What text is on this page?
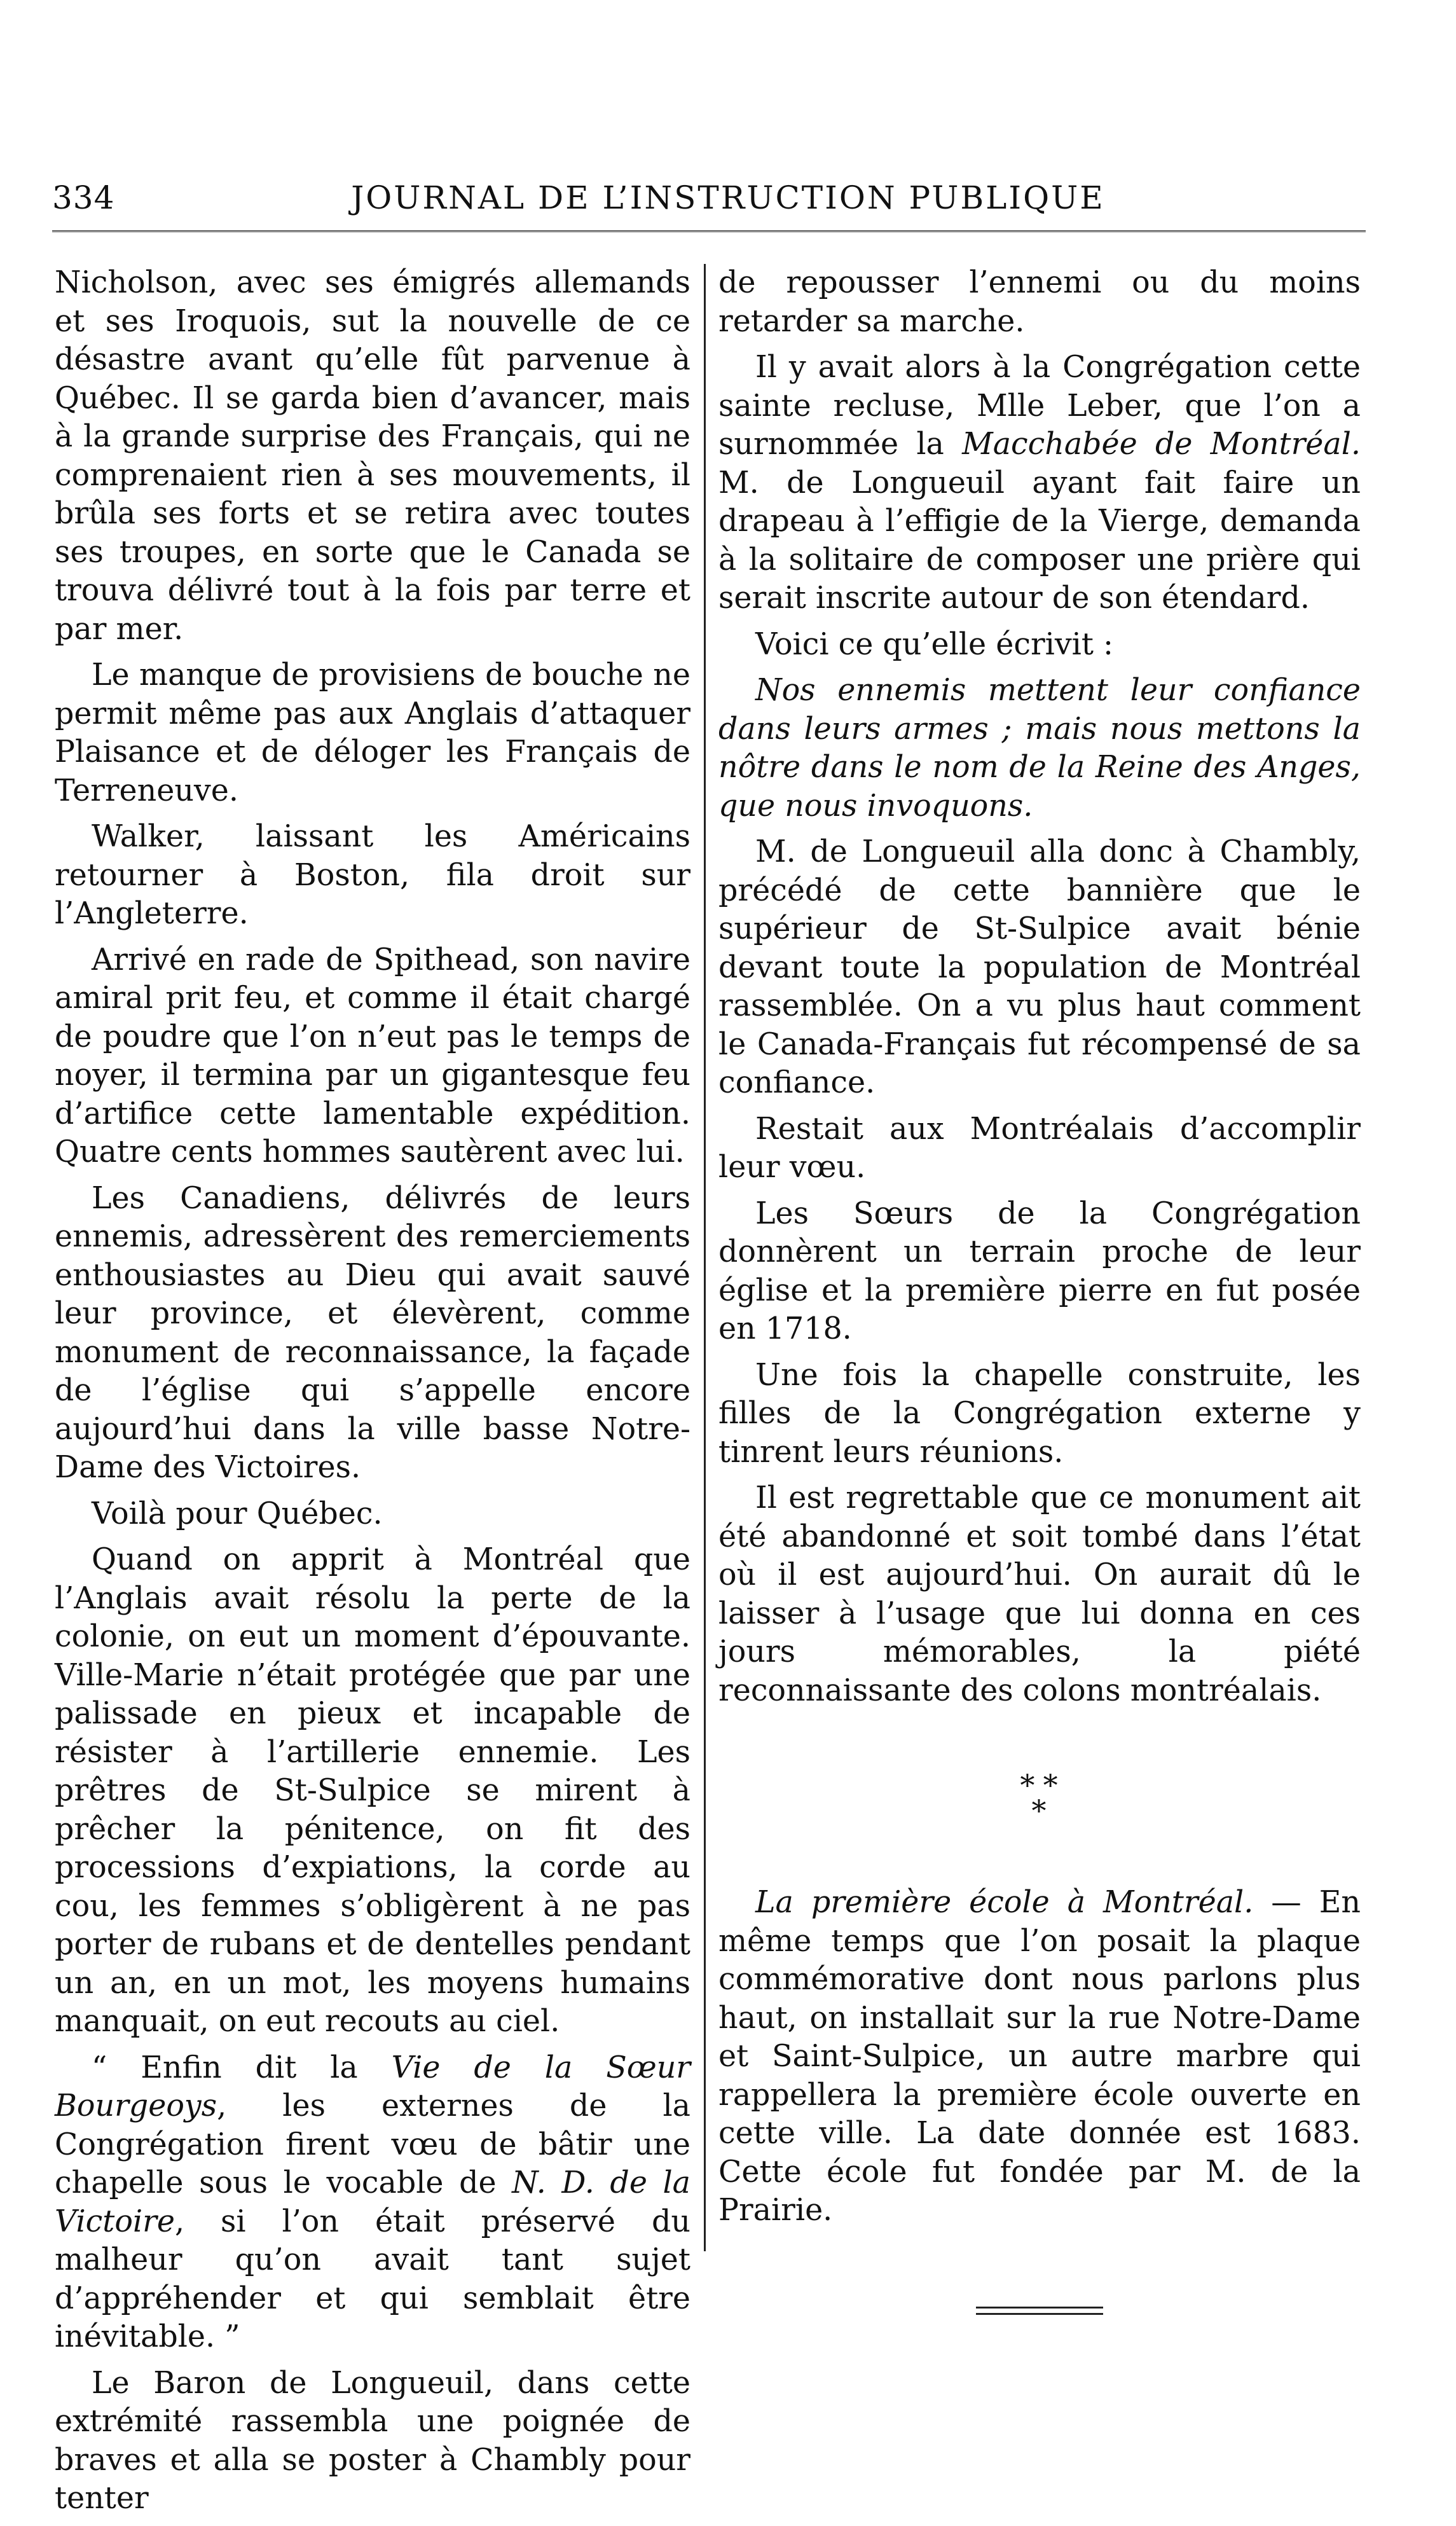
334	JOURNAL DE L’INSTRUCTION PUBLIQUE

Nicholson, avec ses émigrés allemands et ses Iroquois, sut la nouvelle de ce désastre avant qu’elle fût parvenue à Québec. Il se garda bien d’avancer, mais à la grande surprise des Français, qui ne comprenaient rien à ses mouvements, il brûla ses forts et se retira avec toutes ses troupes, en sorte que le Canada se trouva délivré tout à la fois par terre et par mer.

Le manque de provisiens de bouche ne permit même pas aux Anglais d’attaquer Plaisance et de déloger les Français de Terreneuve.

Walker, laissant les Américains retourner à Boston, fila droit sur l’Angleterre.

Arrivé en rade de Spithead, son navire amiral prit feu, et comme il était chargé de poudre que l’on n’eut pas le temps de noyer, il termina par un gigantesque feu d’artifice cette lamentable expédition. Quatre cents hommes sautèrent avec lui.

Les Canadiens, délivrés de leurs ennemis, adressèrent des remerciements enthousiastes au Dieu qui avait sauvé leur province, et élevèrent, comme monument de reconnaissance, la façade de l’église qui s’appelle encore aujourd’hui dans la ville basse Notre-Dame des Victoires.

Voilà pour Québec.

Quand on apprit à Montréal que l’Anglais avait résolu la perte de la colonie, on eut un moment d’épouvante. Ville-Marie n’était protégée que par une palissade en pieux et incapable de résister à l’artillerie ennemie. Les prêtres de St-Sulpice se mirent à prêcher la pénitence, on fit des processions d’expiations, la corde au cou, les femmes s’obligèrent à ne pas porter de rubans et de dentelles pendant un an, en un mot, les moyens humains manquait, on eut recouts au ciel.

“ Enfin dit la Vie de la Sœur Bourgeoys, les externes de la Congrégation firent vœu de bâtir une chapelle sous le vocable de N. D. de la Victoire, si l’on était préservé du malheur qu’on avait tant sujet d’appréhender et qui semblait être inévitable. ”

Le Baron de Longueuil, dans cette extrémité rassembla une poignée de braves et alla se poster à Chambly pour tenter

de repousser l’ennemi ou du moins retarder sa marche.

Il y avait alors à la Congrégation cette sainte recluse, Mlle Leber, que l’on a surnommée la Macchabée de Montréal. M. de Longueuil ayant fait faire un drapeau à l’effigie de la Vierge, demanda à la solitaire de composer une prière qui serait inscrite autour de son étendard.

Voici ce qu’elle écrivit :

Nos ennemis mettent leur confiance dans leurs armes ; mais nous mettons la nôtre dans le nom de la Reine des Anges, que nous invoquons.

M. de Longueuil alla donc à Chambly, précédé de cette bannière que le supérieur de St-Sulpice avait bénie devant toute la population de Montréal rassemblée. On a vu plus haut comment le Canada-Français fut récompensé de sa confiance.

Restait aux Montréalais d’accomplir leur vœu.

Les Sœurs de la Congrégation donnèrent un terrain proche de leur église et la première pierre en fut posée en 1718.

Une fois la chapelle construite, les filles de la Congrégation externe y tinrent leurs réunions.

Il est regrettable que ce monument ait été abandonné et soit tombé dans l’état où il est aujourd’hui. On aurait dû le laisser à l’usage que lui donna en ces jours mémorables, la piété reconnaissante des colons montréalais.

* *
*

La première école à Montréal. — En même temps que l’on posait la plaque commémorative dont nous parlons plus haut, on installait sur la rue Notre-Dame et Saint-Sulpice, un autre marbre qui rappellera la première école ouverte en cette ville. La date donnée est 1683. Cette école fut fondée par M. de la Prairie.
